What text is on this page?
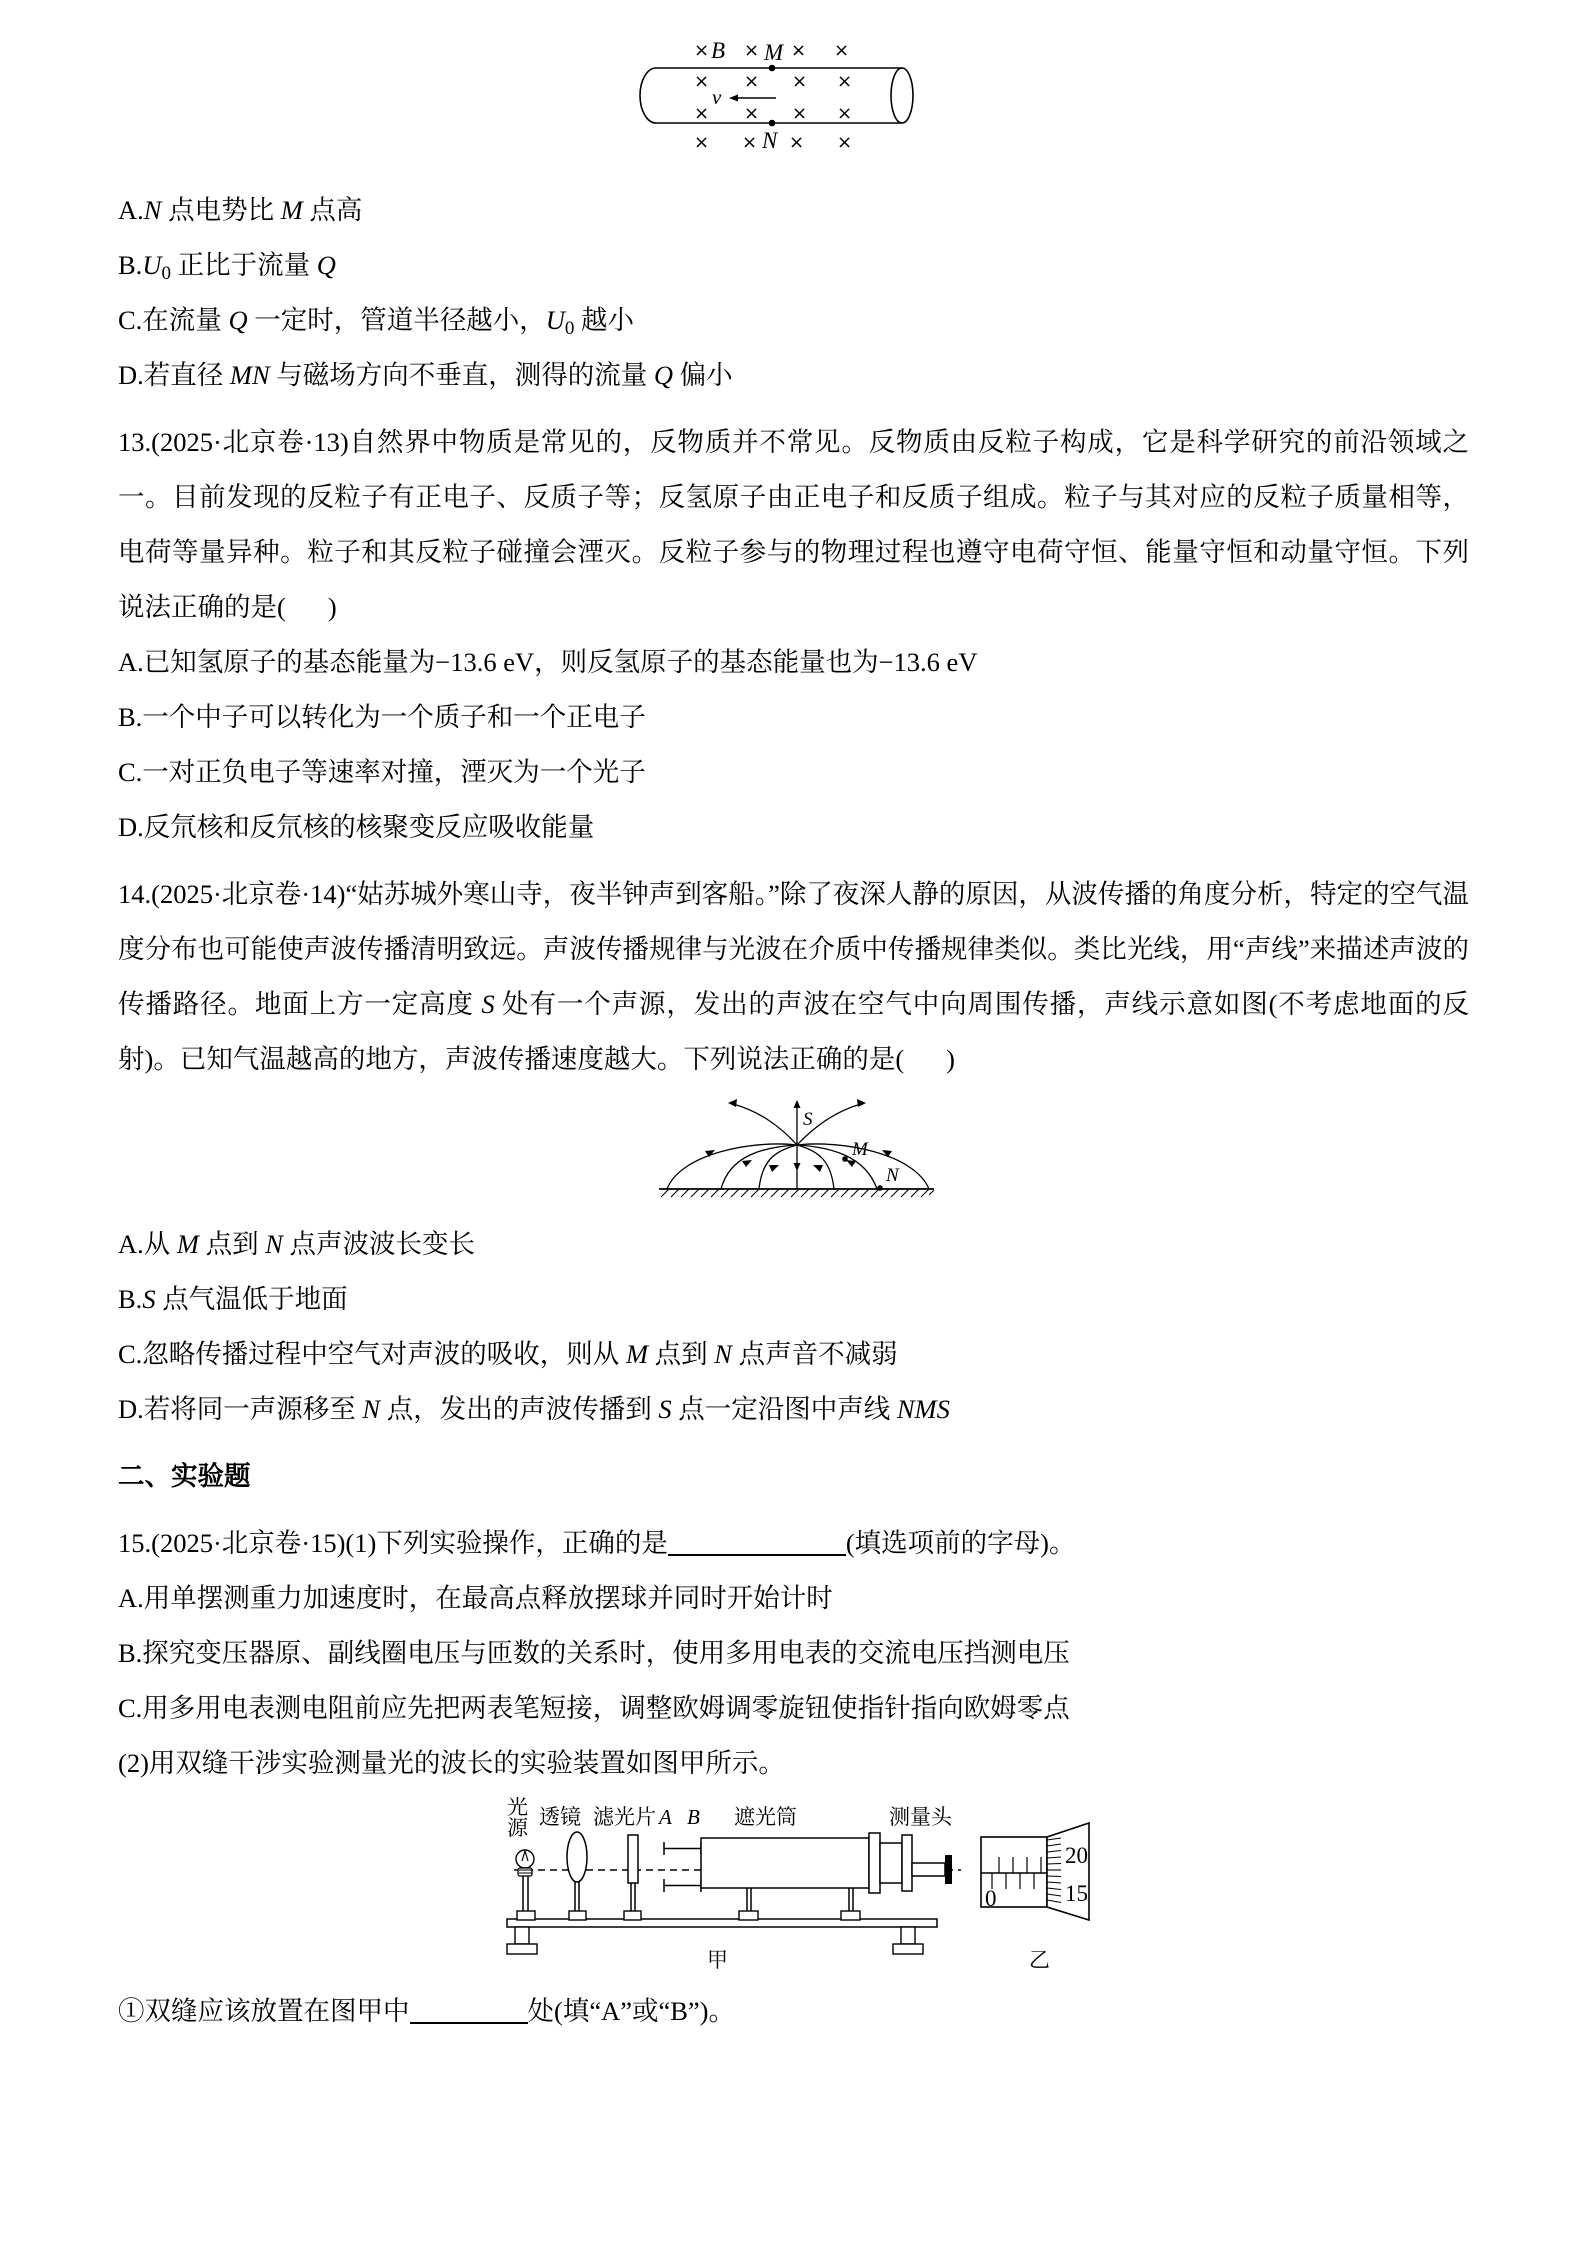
× B × M × ×
× × × ×
v
× × × ×
N
× × × ×

A.N 点电势比 M 点高

$B.U_0$ 正比于流量 Q

C.在流量 Q 一定时，管道半径越小，$U_0$ 越小

D.若直径 MN 与磁场方向不垂直，测得的流量 Q 偏小

13.(2025·北京卷·13)自然界中物质是常见的，反物质并不常见。反物质由反粒子构成，它是科学研究的前沿领域之一。目前发现的反粒子有正电子、反质子等；反氢原子由正电子和反质子组成。粒子与其对应的反粒子质量相等，电荷等量异种。粒子和其反粒子碰撞会湮灭。反粒子参与的物理过程也遵守电荷守恒、能量守恒和动量守恒。下列说法正确的是( )

A.已知氢原子的基态能量为−13.6 eV，则反氢原子的基态能量也为−13.6 eV

B.一个中子可以转化为一个质子和一个正电子

C.一对正负电子等速率对撞，湮灭为一个光子

D.反氘核和反氘核的核聚变反应吸收能量

14.(2025·北京卷·14)“姑苏城外寒山寺，夜半钟声到客船。”除了夜深人静的原因，从波传播的角度分析，特定的空气温度分布也可能使声波传播清明致远。声波传播规律与光波在介质中传播规律类似。类比光线，用“声线”来描述声波的传播路径。地面上方一定高度 S 处有一个声源，发出的声波在空气中向周围传播，声线示意如图(不考虑地面的反射)。已知气温越高的地方，声波传播速度越大。下列说法正确的是( )

M
N
S

A.从 M 点到 N 点声波波长变长

B.S 点气温低于地面

C.忽略传播过程中空气对声波的吸收，则从 M 点到 N 点声音不减弱

D.若将同一声源移至 N 点，发出的声波传播到 S 点一定沿图中声线 NMS

二、实验题

15.(2025·北京卷·15)(1)下列实验操作，正确的是	(填选项前的字母)。

A.用单摆测重力加速度时，在最高点释放摆球并同时开始计时

B.探究变压器原、副线圈电压与匝数的关系时，使用多用电表的交流电压挡测电压

C.用多用电表测电阻前应先把两表笔短接，调整欧姆调零旋钮使指针指向欧姆零点

(2)用双缝干涉实验测量光的波长的实验装置如图甲所示。

光
源 透镜 滤光片 A B 遮光筒	测量头
甲
0
20
15
乙

①双缝应该放置在图甲中	处(填“A”或“B”)。
